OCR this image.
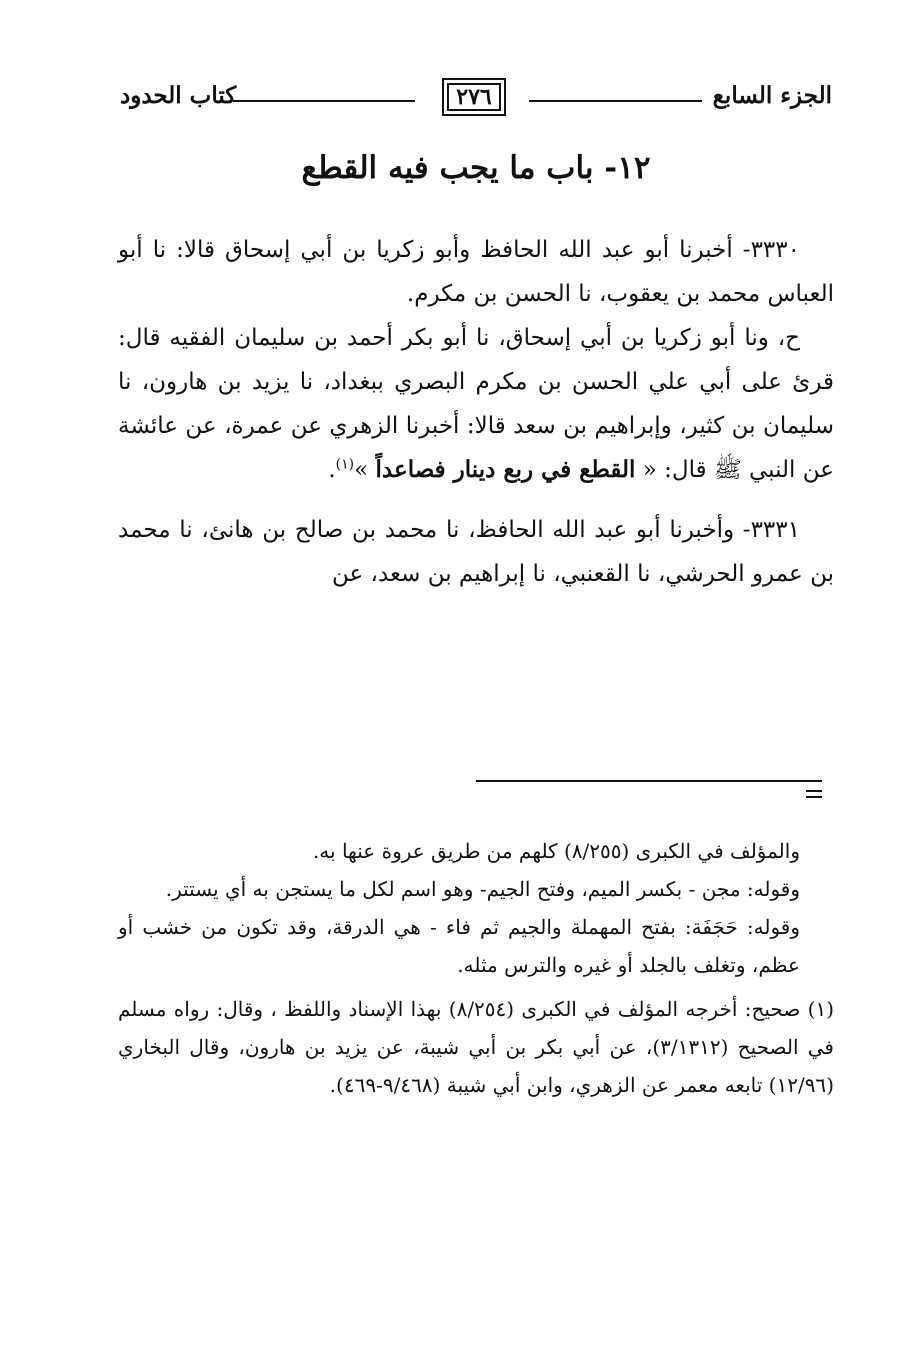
الجزء السابع
٢٧٦
كتاب الحدود
١٢- باب ما يجب فيه القطع

٣٣٣٠- أخبرنا أبو عبد الله الحافظ وأبو زكريا بن أبي إسحاق قالا: نا أبو العباس محمد بن يعقوب، نا الحسن بن مكرم.

ح، ونا أبو زكريا بن أبي إسحاق، نا أبو بكر أحمد بن سليمان الفقيه قال: قرئ على أبي علي الحسن بن مكرم البصري ببغداد، نا يزيد بن هارون، نا سليمان بن كثير، وإبراهيم بن سعد قالا: أخبرنا الزهري عن عمرة، عن عائشة عن النبي ﷺ قال: « القطع في ربع دينار فصاعداً »$^{(١)}$.

٣٣٣١- وأخبرنا أبو عبد الله الحافظ، نا محمد بن صالح بن هانئ، نا محمد بن عمرو الحرشي، نا القعنبي، نا إبراهيم بن سعد، عن

والمؤلف في الكبرى (٨/٢٥٥) كلهم من طريق عروة عنها به.

وقوله: مجن - بكسر الميم، وفتح الجيم- وهو اسم لكل ما يستجن به أي يستتر.

وقوله: حَجَفَة: بفتح المهملة والجيم ثم فاء - هي الدرقة، وقد تكون من خشب أو عظم، وتغلف بالجلد أو غيره والترس مثله.

(١) صحيح: أخرجه المؤلف في الكبرى (٨/٢٥٤) بهذا الإسناد واللفظ ، وقال: رواه مسلم في الصحيح (٣/١٣١٢)، عن أبي بكر بن أبي شيبة، عن يزيد بن هارون، وقال البخاري (١٢/٩٦) تابعه معمر عن الزهري، وابن أبي شيبة (٩/٤٦٨-٤٦٩).
